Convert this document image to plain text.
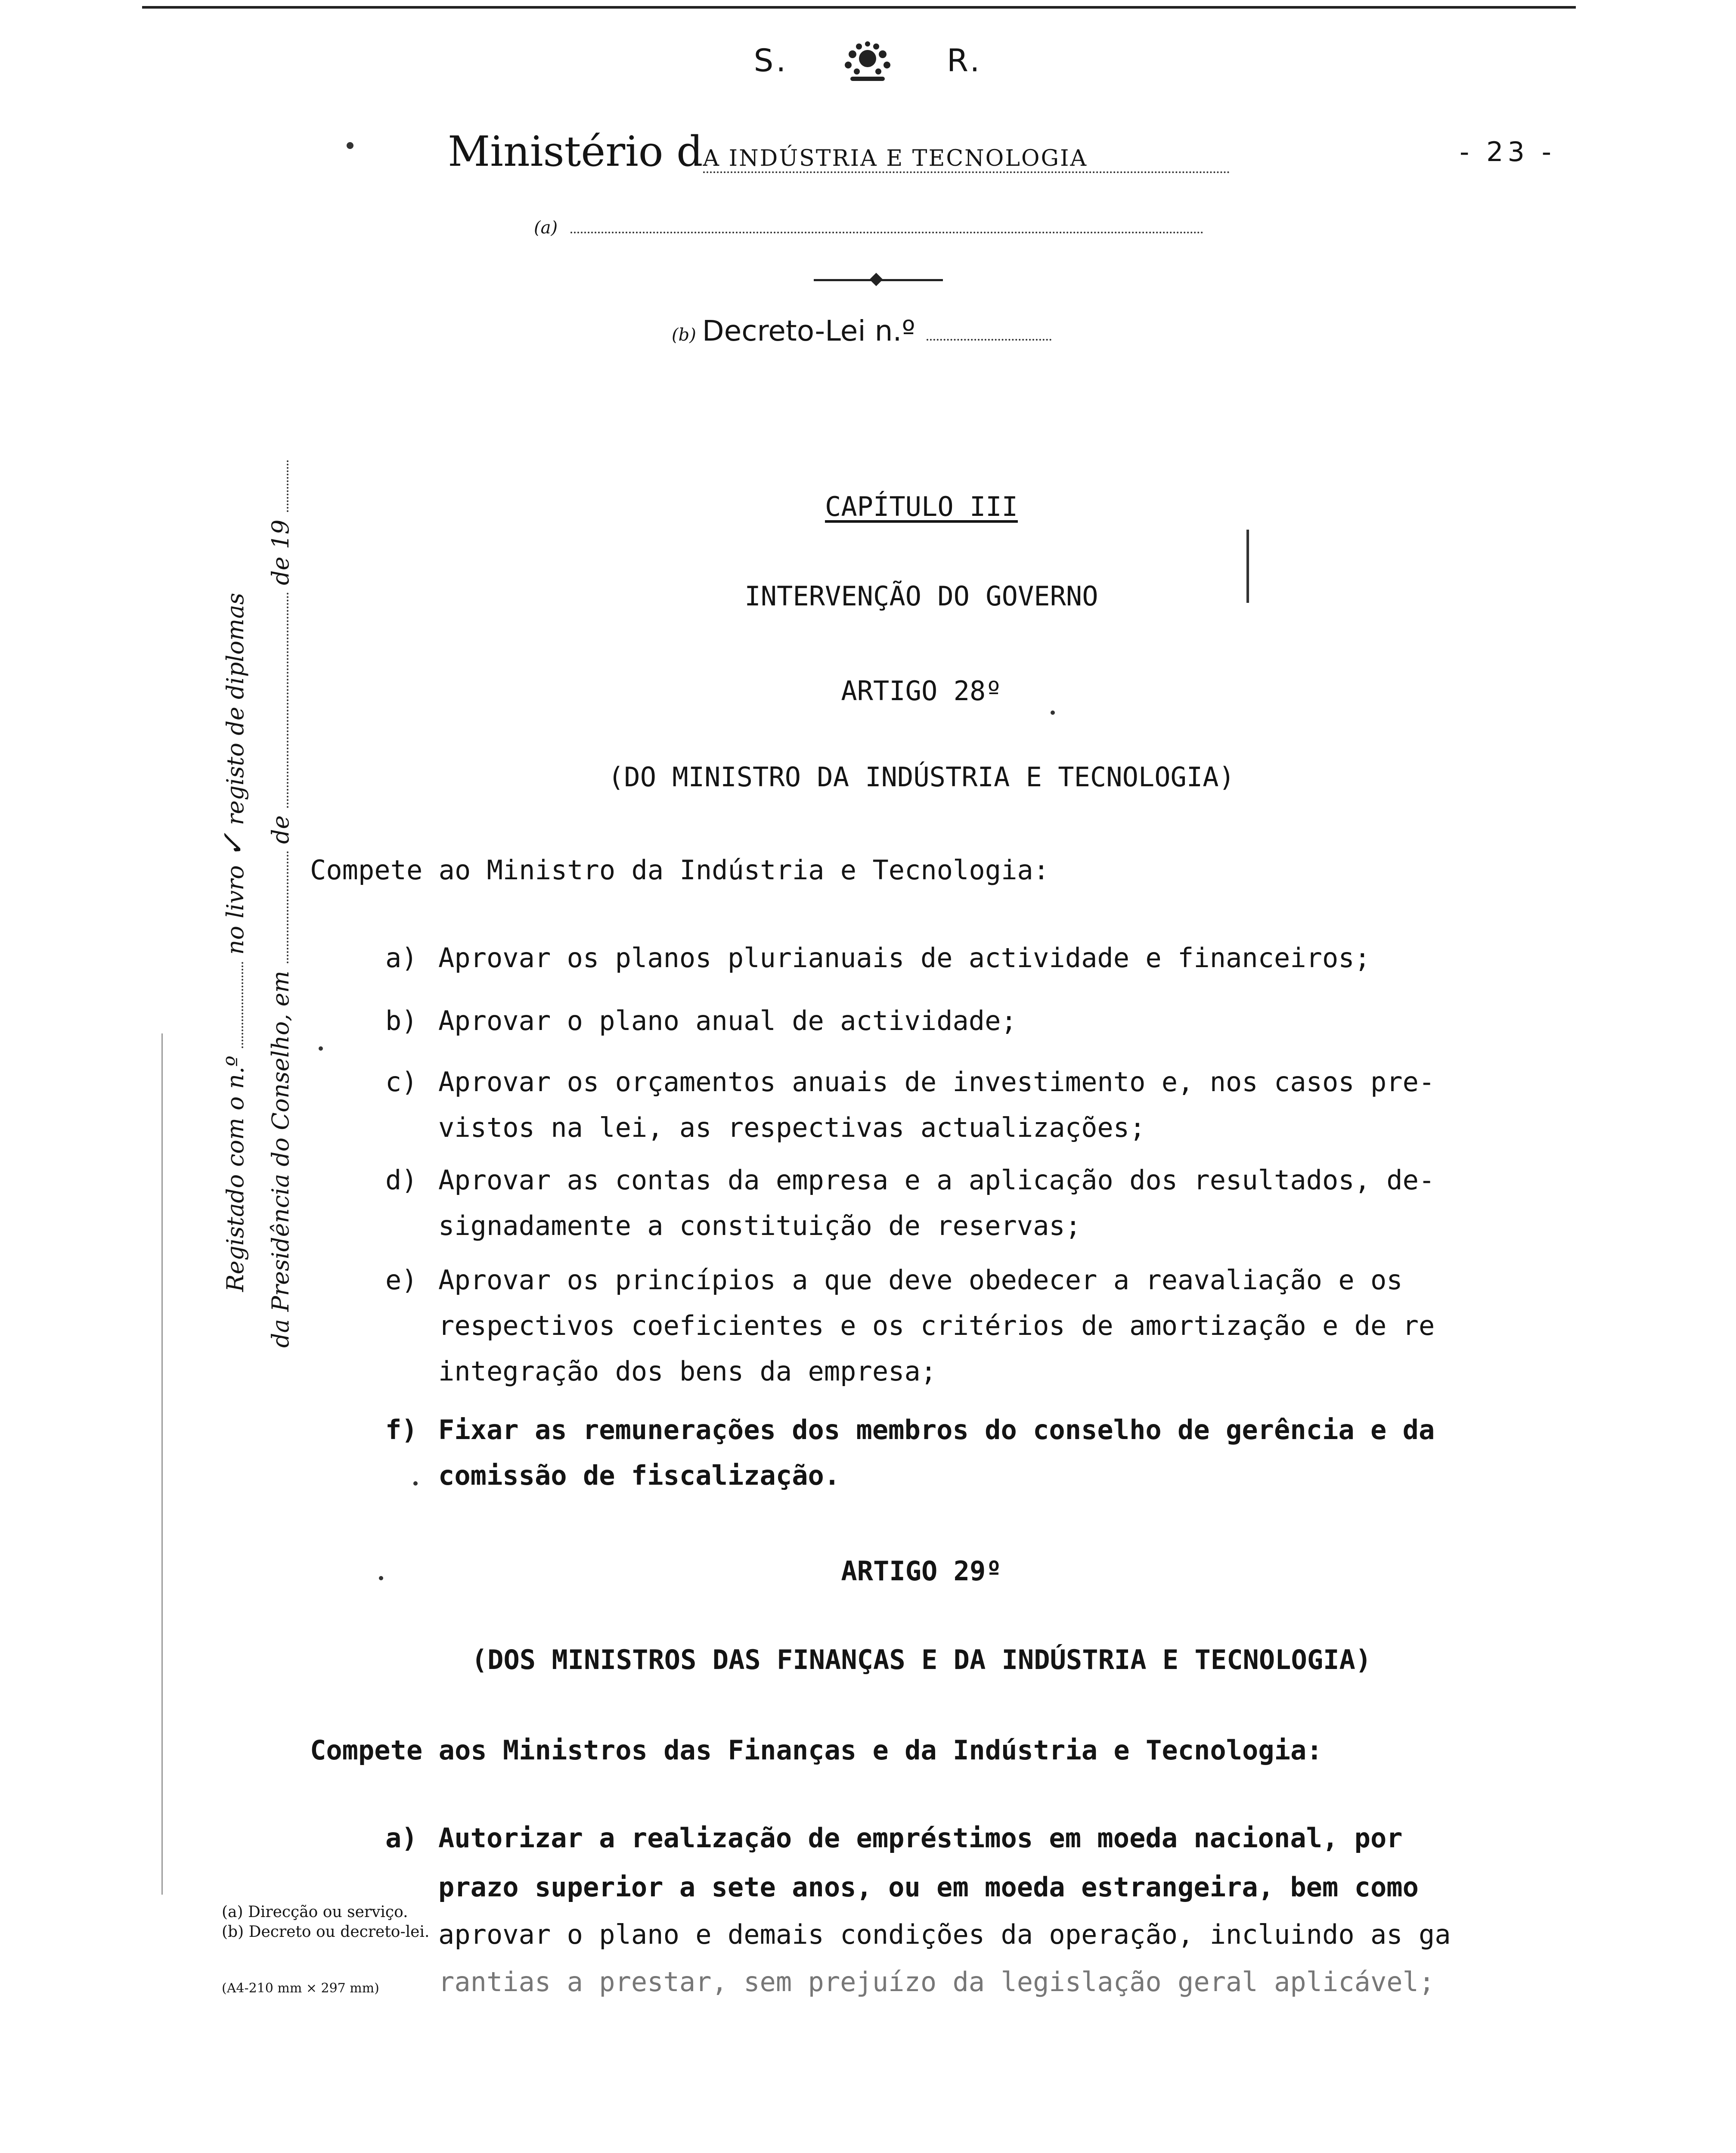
S.	R.
Ministério dA INDÚSTRIA E TECNOLOGIA	- 23 -
(a)
(b) Decreto-Lei n.º
Registado com o n.º  no livro ✓ registo de diplomas
da Presidência do Conselho, em  de  de 19
CAPÍTULO III
INTERVENÇÃO DO GOVERNO
ARTIGO 28º
(DO MINISTRO DA INDÚSTRIA E TECNOLOGIA)
Compete ao Ministro da Indústria e Tecnologia:
a) Aprovar os planos plurianuais de actividade e financeiros;
b) Aprovar o plano anual de actividade;
c) Aprovar os orçamentos anuais de investimento e, nos casos pre-
vistos na lei, as respectivas actualizações;
d) Aprovar as contas da empresa e a aplicação dos resultados, de-
signadamente a constituição de reservas;
e) Aprovar os princípios a que deve obedecer a reavaliação e os
respectivos coeficientes e os critérios de amortização e de re
integração dos bens da empresa;
f) Fixar as remunerações dos membros do conselho de gerência e da
comissão de fiscalização.
ARTIGO 29º
(DOS MINISTROS DAS FINANÇAS E DA INDÚSTRIA E TECNOLOGIA)
Compete aos Ministros das Finanças e da Indústria e Tecnologia:
a) Autorizar a realização de empréstimos em moeda nacional, por
prazo superior a sete anos, ou em moeda estrangeira, bem como
aprovar o plano e demais condições da operação, incluindo as ga
rantias a prestar, sem prejuízo da legislação geral aplicável;
(a) Direcção ou serviço.
(b) Decreto ou decreto-lei.
(A4-210 mm × 297 mm)
